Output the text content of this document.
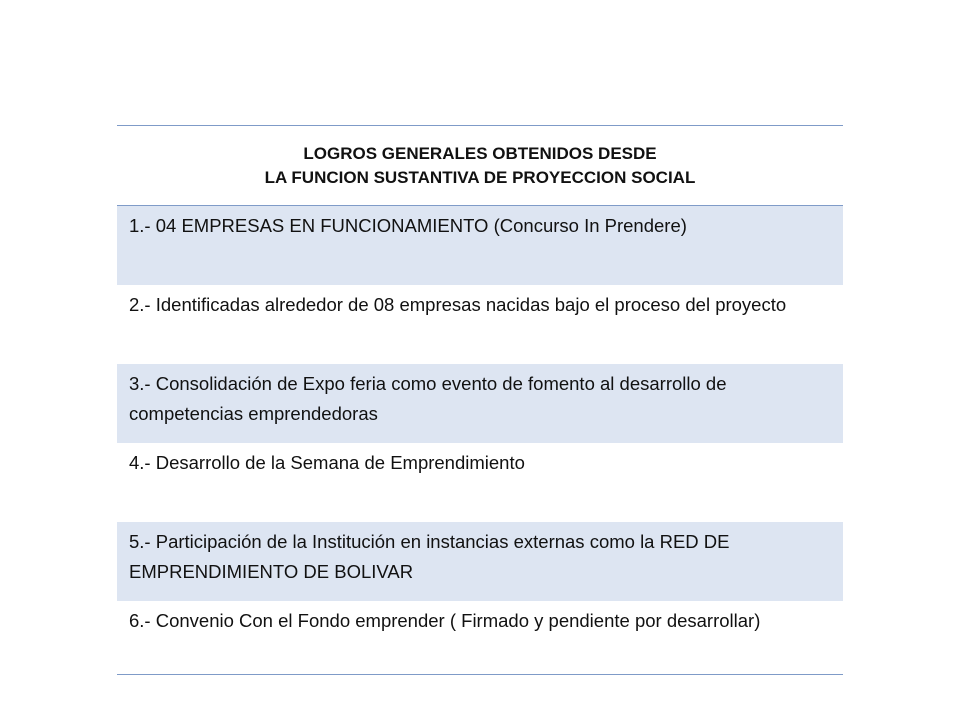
LOGROS GENERALES OBTENIDOS DESDE
LA FUNCION SUSTANTIVA DE PROYECCION SOCIAL
1.- 04 EMPRESAS EN FUNCIONAMIENTO (Concurso In Prendere)
2.- Identificadas alrededor de 08 empresas nacidas bajo el proceso del proyecto
3.- Consolidación de Expo feria como evento de fomento al desarrollo de competencias emprendedoras
4.- Desarrollo de la Semana de Emprendimiento
5.- Participación de la Institución en instancias externas como la RED DE EMPRENDIMIENTO DE BOLIVAR
6.- Convenio Con el Fondo emprender ( Firmado y pendiente por desarrollar)
